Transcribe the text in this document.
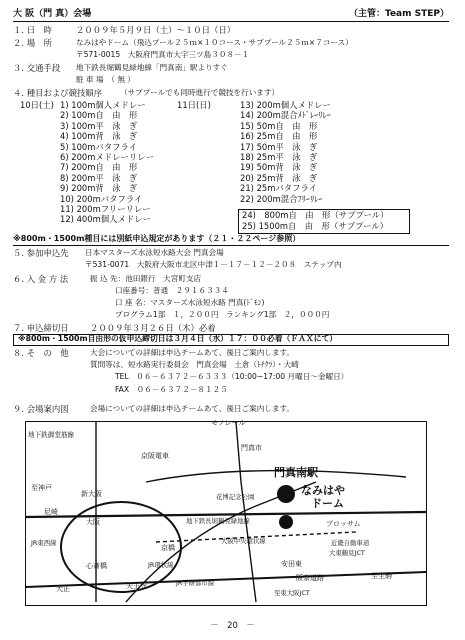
大 阪（門 真）会場	（主管：Team STEP）
１. 日　時	２００９年５月９日（土）～１０日（日）
２. 場　所	なみはやドーム（飛込プール２５ｍ×１０コース・サブプール２５ｍ×７コース）
〒571-0015　大阪府門真市大字三ツ島３０８－１
３. 交通手段 地下鉄長堀鶴見緑地線「門真南」駅よりすぐ
駐 車 場　（ 無 ）
４. 種目および競技順序 （サブプールでも同時進行で競技を行います）
10日(土)	11日(日)
1) 100m個人メドレー
2) 100m自　由　形
3) 100m平　泳　ぎ
4) 100m背　泳　ぎ
5) 100mバタフライ
6) 200mメドレーリレー
7) 200m自　由　形
8) 200m平　泳　ぎ
9) 200m背　泳　ぎ
10) 200mバタフライ
11) 200mフリーリレー
12) 400m個人メドレー
13) 200m個人メドレー
14) 200m混合ﾒﾄﾞﾚｰﾘﾚｰ
15) 50m自　由　形
16) 25m自　由　形
17) 50m平　泳　ぎ
18) 25m平　泳　ぎ
19) 50m背　泳　ぎ
20) 25m背　泳　ぎ
21) 25mバタフライ
22) 200m混合ﾌﾘｰﾘﾚｰ
24)　800m自　由　形（サブプール）
25) 1500m自　由　形（サブプール）
※800m・1500m種目には別紙申込規定があります（２１・２２ページ参照）
５. 参加申込先 日本マスターズ水泳短水路大会 門真会場
〒531-0071　大阪府大阪市北区中津１－１７－１２－２０８　ステップ内
６. 入 金 方 法	振 込 先：池田銀行　大宮町支店
口座番号：普通　２９１６３３４
口 座 名：マスターズ水泳短水路 門真(ﾄﾞﾓﾝ)
プログラム1部　１，２００円　ランキング1部　２，０００円
７. 申込締切日	２００９年３月２６日（木）必着
※800m・1500m自由形の仮申込締切日は３月４日（水）１７：００必着（ＦＡＸにて）
８. そ　の　他	大会についての詳細は申込チームあて、後日ご案内します。
質問等は、短水路実行委員会　門真会場　土倉（ﾄﾁｸﾗ）・大崎
TEL　０６－６３７２－６３３３（10:00~17:00 月曜日～金曜日）
FAX　０６－６３７２－８１２５
９. 会場案内図	会場についての詳細は申込チームあて、後日ご案内します。
モノレール
京阪電車
門真市
門真南駅
なみはや
ドーム
地下鉄御堂筋線
花博記念公園
地下鉄長堀鶴見緑地線
新大阪
至神戸
尼崎
大阪
大阪中央環状線
プロッサム
近畿自動車道
大東鶴見JCT
JR東西線
安田東
阪奈道路	至生駒
京橋
心斎橋
天王寺
大正
JR学研都市線
至東大阪JCT
JR環状線
－　20　－
